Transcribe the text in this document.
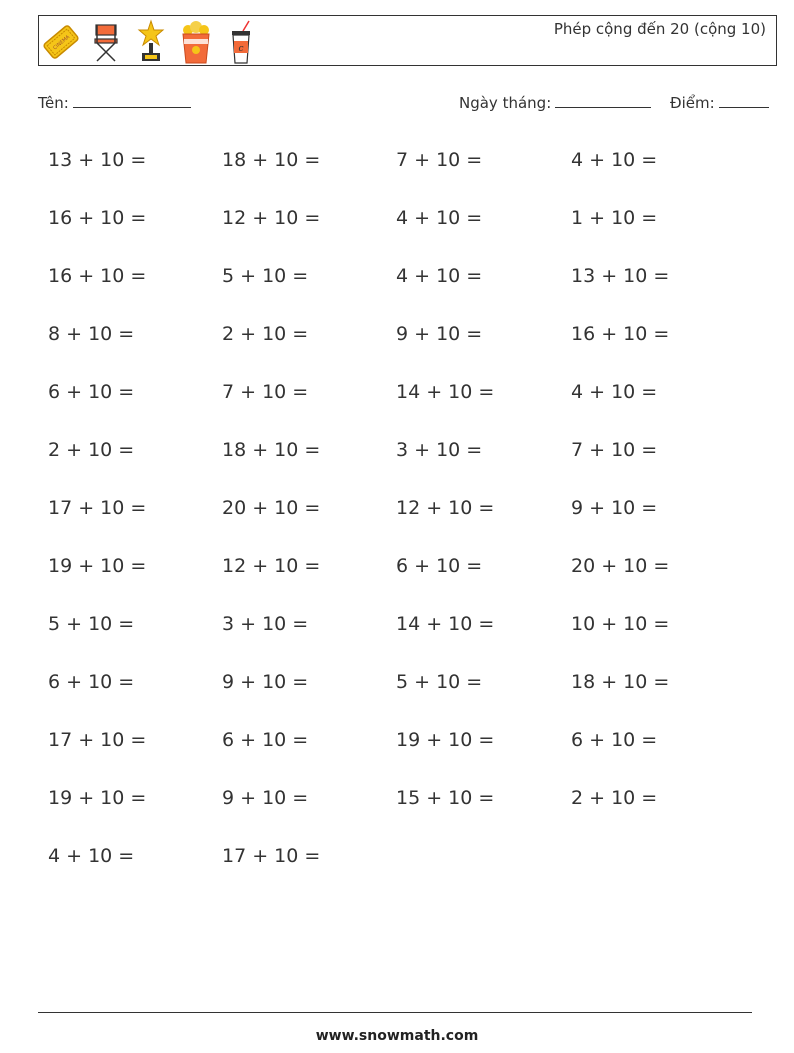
CINEMA	c
Phép cộng đến 20 (cộng 10)
Tên:	Ngày tháng:	Điểm:
13 + 10 =	18 + 10 =	7 + 10 =	4 + 10 =
16 + 10 =	12 + 10 =	4 + 10 =	1 + 10 =
16 + 10 =	5 + 10 =	4 + 10 =	13 + 10 =
8 + 10 =	2 + 10 =	9 + 10 =	16 + 10 =
6 + 10 =	7 + 10 =	14 + 10 =	4 + 10 =
2 + 10 =	18 + 10 =	3 + 10 =	7 + 10 =
17 + 10 =	20 + 10 =	12 + 10 =	9 + 10 =
19 + 10 =	12 + 10 =	6 + 10 =	20 + 10 =
5 + 10 =	3 + 10 =	14 + 10 =	10 + 10 =
6 + 10 =	9 + 10 =	5 + 10 =	18 + 10 =
17 + 10 =	6 + 10 =	19 + 10 =	6 + 10 =
19 + 10 =	9 + 10 =	15 + 10 =	2 + 10 =
4 + 10 =	17 + 10 =
www.snowmath.com
